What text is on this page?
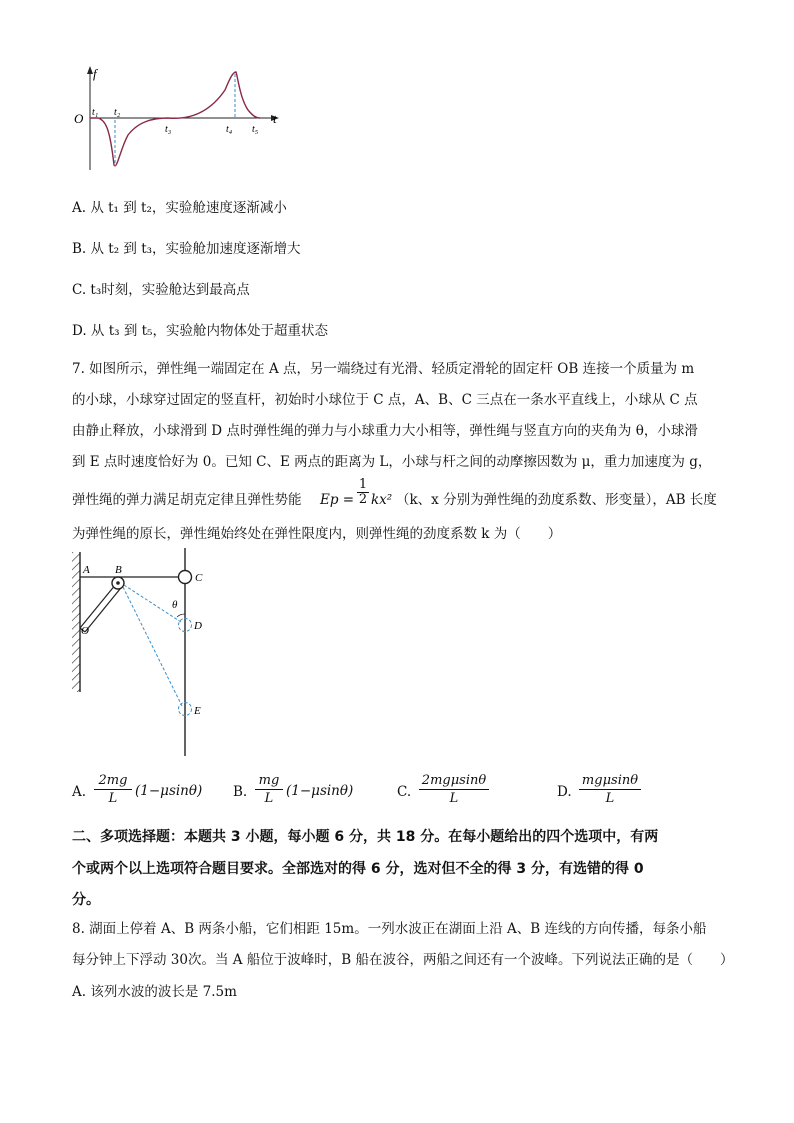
f
O	t
t₁ t₂
t₃	t₄ t₅
A. 从 t₁ 到 t₂，实验舱速度逐渐减小
B. 从 t₂ 到 t₃，实验舱加速度逐渐增大
C. t₃时刻，实验舱达到最高点
D. 从 t₃ 到 t₅，实验舱内物体处于超重状态
7. 如图所示，弹性绳一端固定在 A 点，另一端绕过有光滑、轻质定滑轮的固定杆 OB 连接一个质量为 m
的小球，小球穿过固定的竖直杆，初始时小球位于 C 点，A、B、C 三点在一条水平直线上，小球从 C 点
由静止释放，小球滑到 D 点时弹性绳的弹力与小球重力大小相等，弹性绳与竖直方向的夹角为 θ，小球滑
到 E 点时速度恰好为 0。已知 C、E 两点的距离为 L，小球与杆之间的动摩擦因数为 μ，重力加速度为 g，
弹性绳的弹力满足胡克定律且弹性势能 Ep =
1
2 kx² （k、x 分别为弹性绳的劲度系数、形变量），AB 长度
为弹性绳的原长，弹性绳始终处在弹性限度内，则弹性绳的劲度系数 k 为（　　）
A B
C
O
θ
D
E
A.
2mg
L	(1−μsinθ) B.
mg
L (1−μsinθ)	C.
2mgμsinθ
L	D.
mgμsinθ
L
二、多项选择题：本题共 3 小题，每小题 6 分，共 18 分。在每小题给出的四个选项中，有两
个或两个以上选项符合题目要求。全部选对的得 6 分，选对但不全的得 3 分，有选错的得 0
分。
8. 湖面上停着 A、B 两条小船，它们相距 15m。一列水波正在湖面上沿 A、B 连线的方向传播，每条小船
每分钟上下浮动 30次。当 A 船位于波峰时，B 船在波谷，两船之间还有一个波峰。下列说法正确的是（　　）
A. 该列水波的波长是 7.5m
